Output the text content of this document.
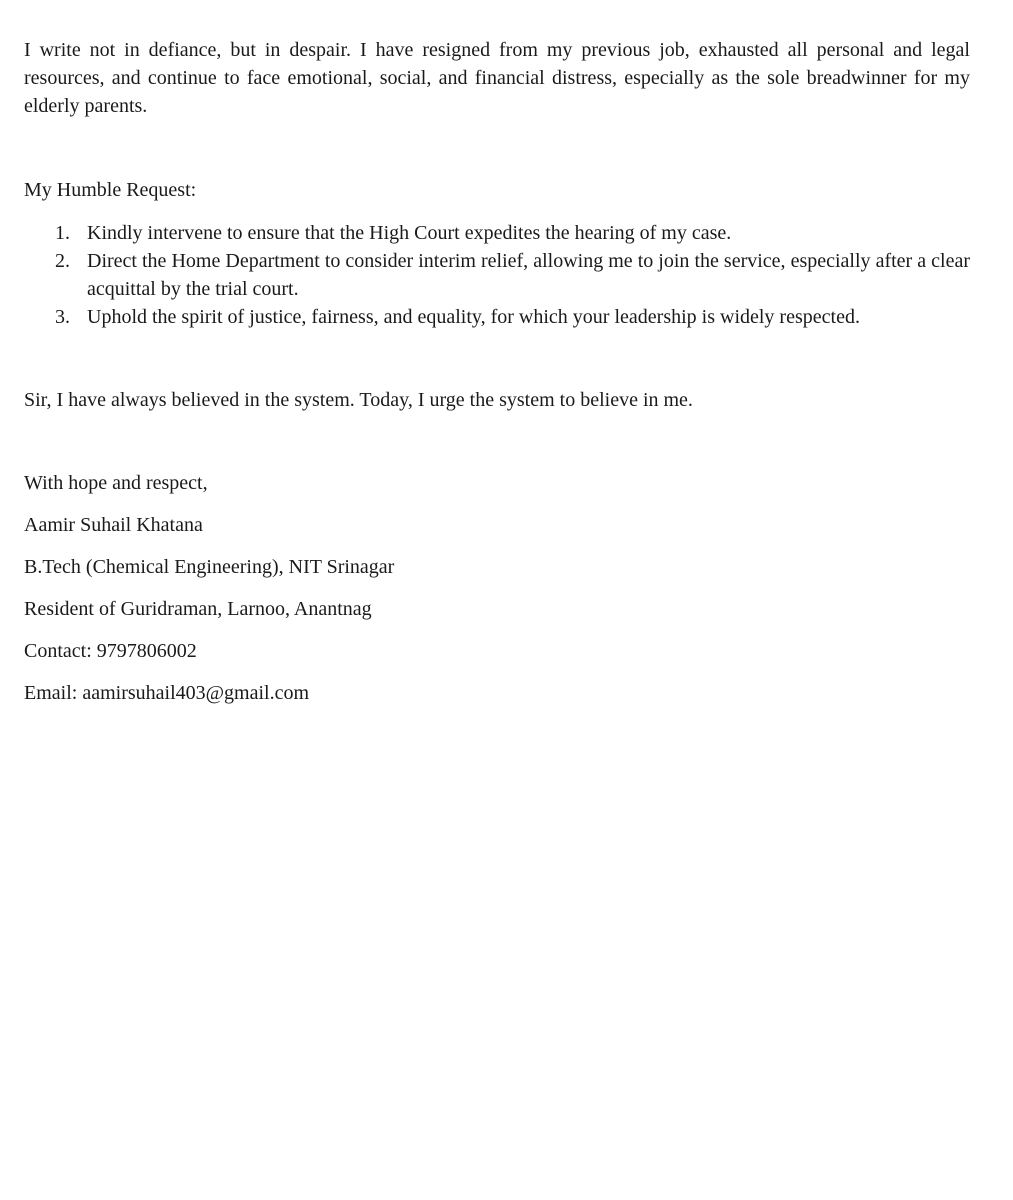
I write not in defiance, but in despair. I have resigned from my previous job, exhausted all personal and legal resources, and continue to face emotional, social, and financial distress, especially as the sole breadwinner for my elderly parents.

My Humble Request:

1. Kindly intervene to ensure that the High Court expedites the hearing of my case.
2. Direct the Home Department to consider interim relief, allowing me to join the service, especially after a clear acquittal by the trial court.
3. Uphold the spirit of justice, fairness, and equality, for which your leadership is widely respected.

Sir, I have always believed in the system. Today, I urge the system to believe in me.

With hope and respect,

Aamir Suhail Khatana

B.Tech (Chemical Engineering), NIT Srinagar

Resident of Guridraman, Larnoo, Anantnag

Contact: 9797806002

Email: aamirsuhail403@gmail.com
